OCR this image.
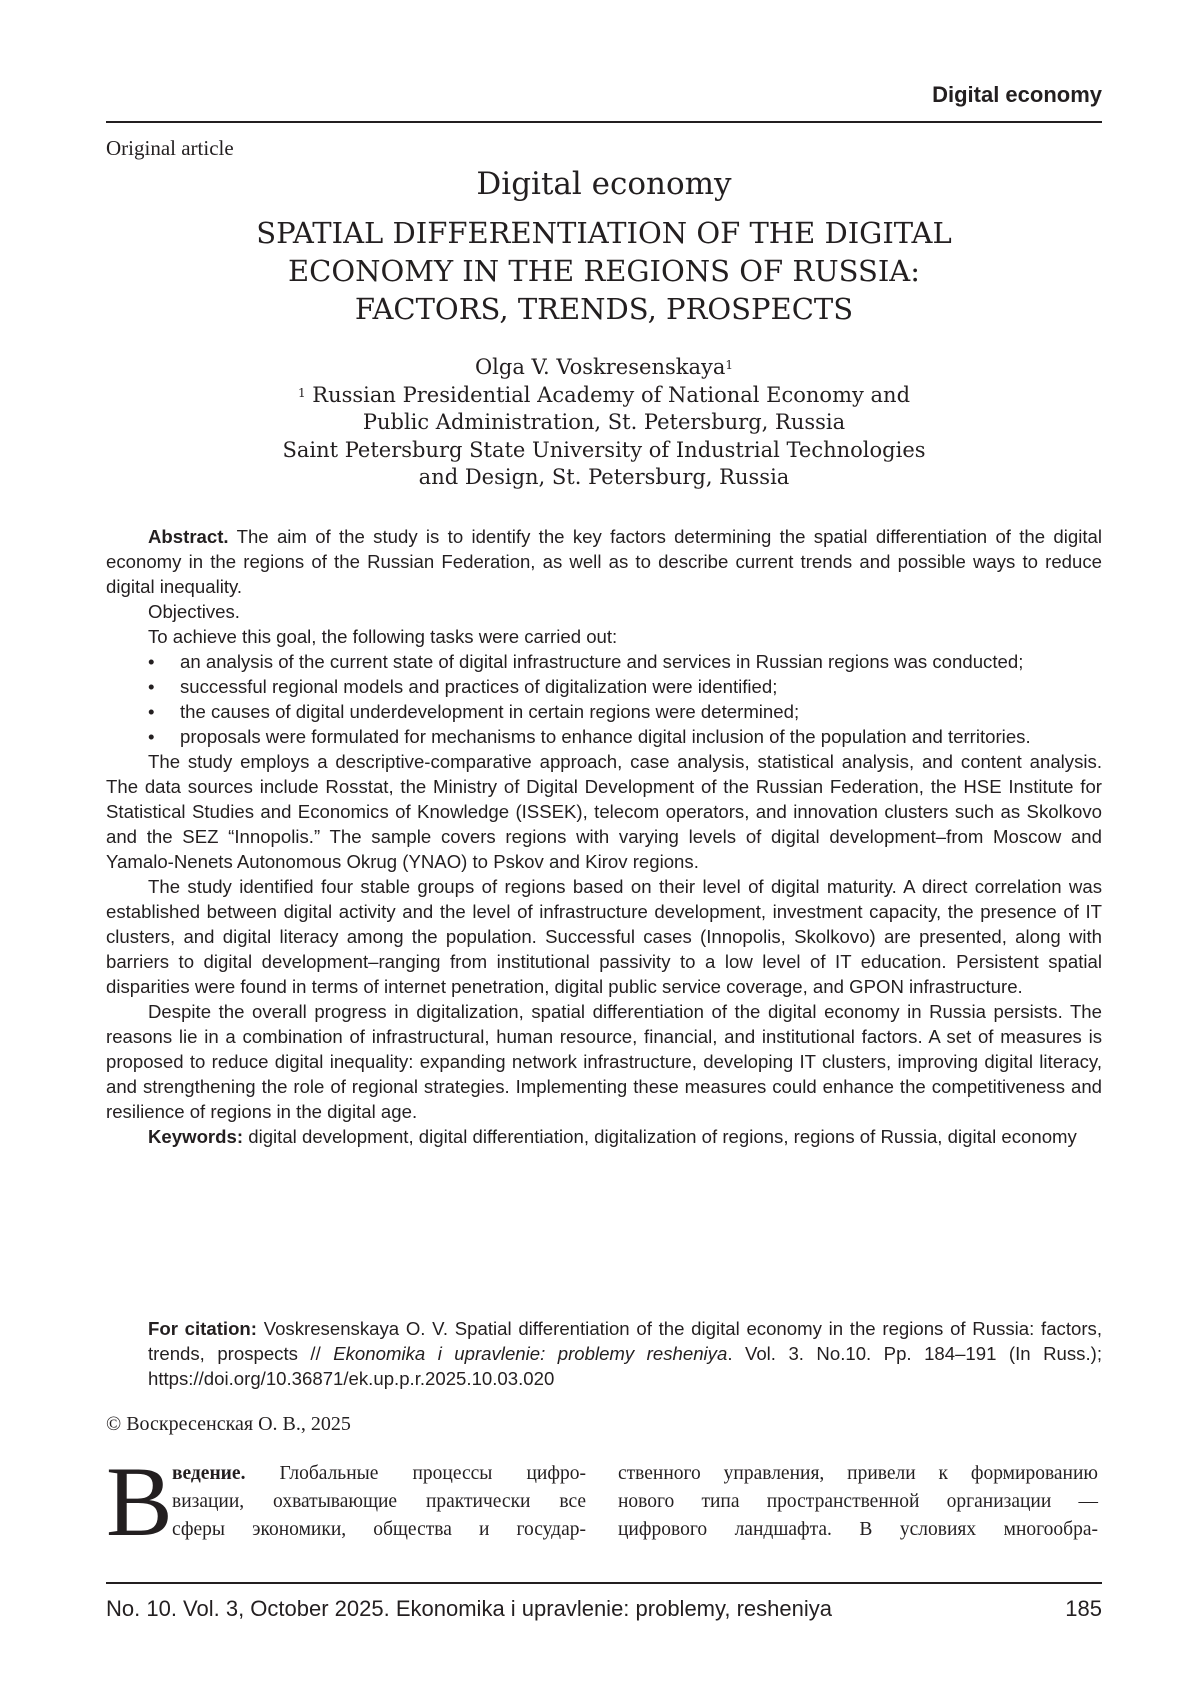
Digital economy
Original article
Digital economy
SPATIAL DIFFERENTIATION OF THE DIGITAL
ECONOMY IN THE REGIONS OF RUSSIA:
FACTORS, TRENDS, PROSPECTS
Olga V. Voskresenskaya$^1$
$^1$ Russian Presidential Academy of National Economy and
Public Administration, St. Petersburg, Russia
Saint Petersburg State University of Industrial Technologies
and Design, St. Petersburg, Russia

Abstract. The aim of the study is to identify the key factors determining the spatial differentiation of the digital economy in the regions of the Russian Federation, as well as to describe current trends and possible ways to reduce digital inequality.

Objectives.

To achieve this goal, the following tasks were carried out:

• an analysis of the current state of digital infrastructure and services in Russian regions was conducted;

• successful regional models and practices of digitalization were identified;

• the causes of digital underdevelopment in certain regions were determined;

• proposals were formulated for mechanisms to enhance digital inclusion of the population and territories.

The study employs a descriptive-comparative approach, case analysis, statistical analysis, and content analysis. The data sources include Rosstat, the Ministry of Digital Development of the Russian Federation, the HSE Institute for Statistical Studies and Economics of Knowledge (ISSEK), telecom operators, and innovation clusters such as Skolkovo and the SEZ “Innopolis.” The sample covers regions with varying levels of digital development–from Moscow and Yamalo-Nenets Autonomous Okrug (YNAO) to Pskov and Kirov regions.

The study identified four stable groups of regions based on their level of digital maturity. A direct correlation was established between digital activity and the level of infrastructure development, investment capacity, the presence of IT clusters, and digital literacy among the population. Successful cases (Innopolis, Skolkovo) are presented, along with barriers to digital development–ranging from institutional passivity to a low level of IT education. Persistent spatial disparities were found in terms of internet penetration, digital public service coverage, and GPON infrastructure.

Despite the overall progress in digitalization, spatial differentiation of the digital economy in Russia persists. The reasons lie in a combination of infrastructural, human resource, financial, and institutional factors. A set of measures is proposed to reduce digital inequality: expanding network infrastructure, developing IT clusters, improving digital literacy, and strengthening the role of regional strategies. Implementing these measures could enhance the competitiveness and resilience of regions in the digital age.

Keywords: digital development, digital differentiation, digitalization of regions, regions of Russia, digital economy

For citation: Voskresenskaya O. V. Spatial differentiation of the digital economy in the regions of Russia: factors, trends, prospects // Ekonomika i upravlenie: problemy resheniya. Vol. 3. No.10. Pp. 184–191 (In Russ.); https://doi.org/10.36871/ek.up.p.r.2025.10.03.020

© Воскресенская О. В., 2025
В ведение. Глобальные процессы цифро-
визации, охватывающие практически все
сферы экономики, общества и государ-
ственного управления, привели к формированию
нового типа пространственной организации —
цифрового ландшафта. В условиях многообра-
No. 10. Vol. 3, October 2025. Ekonomika i upravlenie: problemy, resheniya	185
